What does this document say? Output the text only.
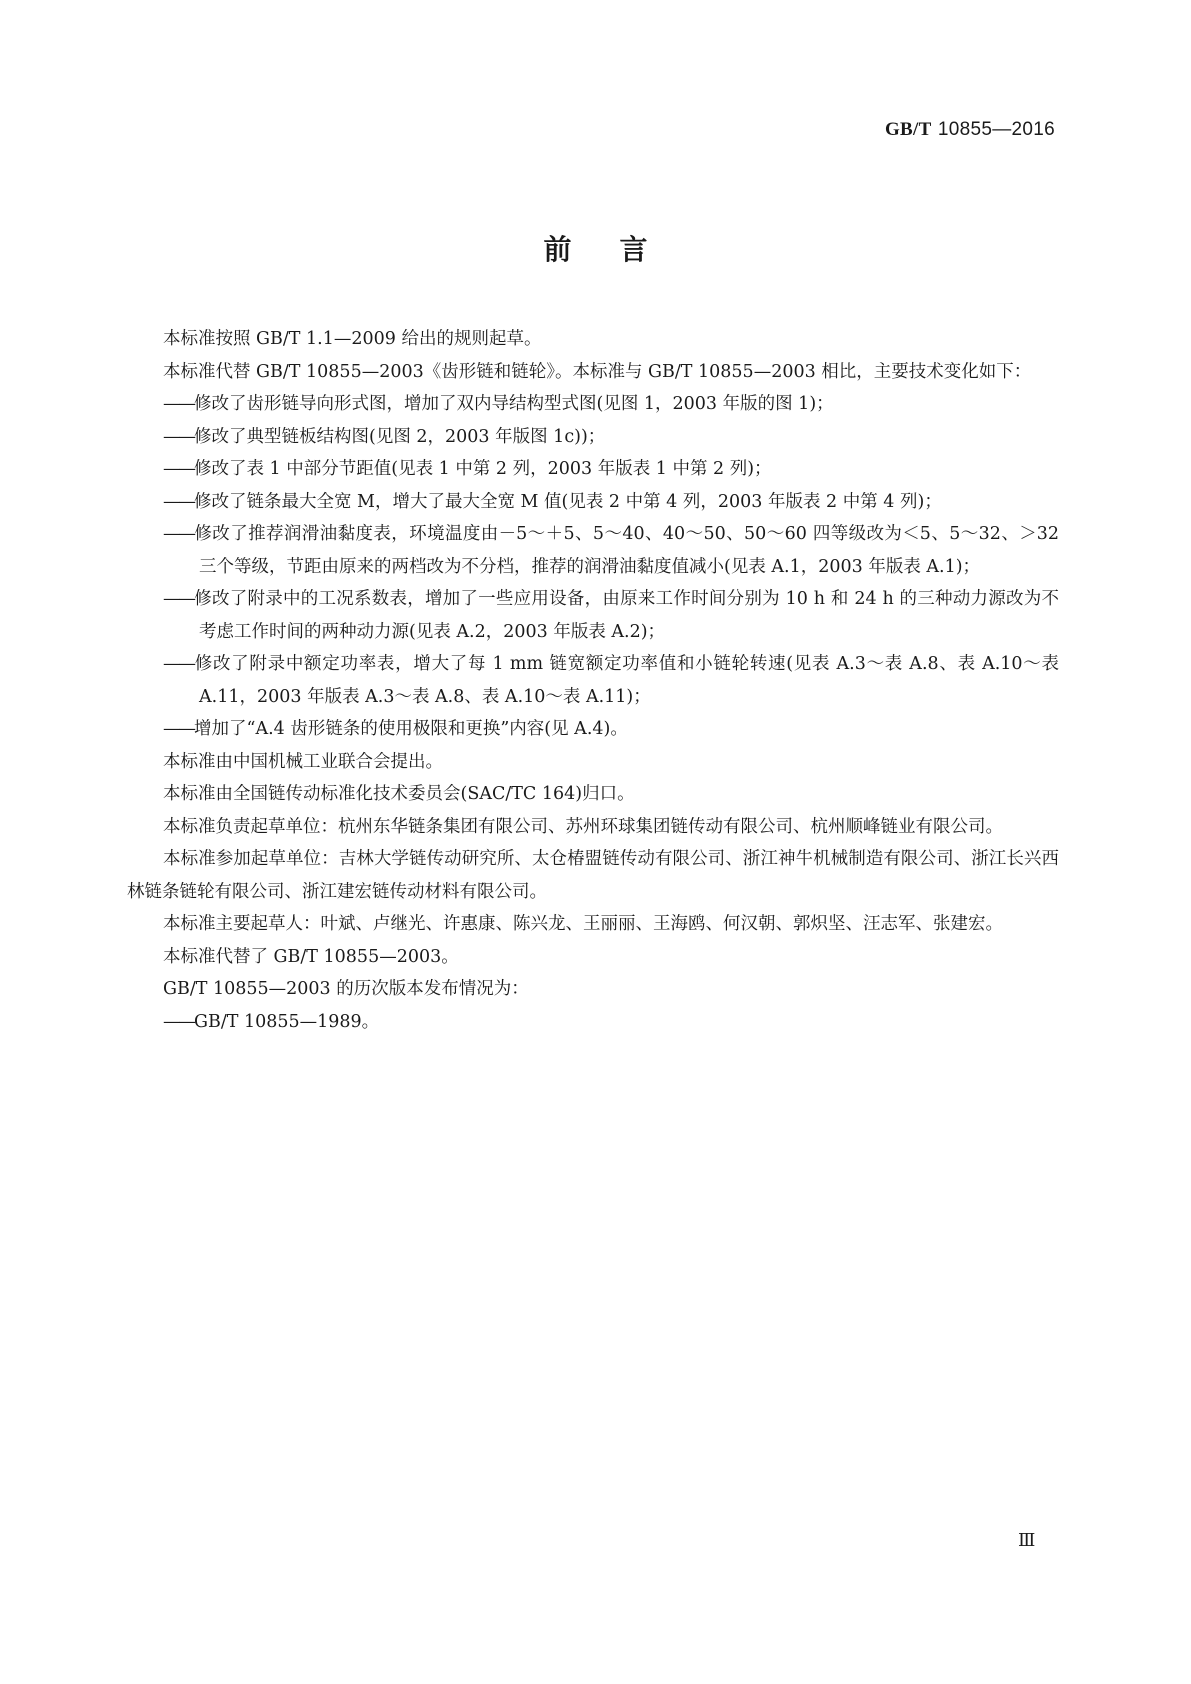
GB/T 10855—2016
前言

本标准按照 GB/T 1.1—2009 给出的规则起草。

本标准代替 GB/T 10855—2003《齿形链和链轮》。本标准与 GB/T 10855—2003 相比，主要技术变化如下：

——修改了齿形链导向形式图，增加了双内导结构型式图(见图 1，2003 年版的图 1)；

——修改了典型链板结构图(见图 2，2003 年版图 1c))；

——修改了表 1 中部分节距值(见表 1 中第 2 列，2003 年版表 1 中第 2 列)；

——修改了链条最大全宽 M，增大了最大全宽 M 值(见表 2 中第 4 列，2003 年版表 2 中第 4 列)；

——修改了推荐润滑油黏度表，环境温度由－5～＋5、5～40、40～50、50～60 四等级改为＜5、5～32、＞32 三个等级，节距由原来的两档改为不分档，推荐的润滑油黏度值减小(见表 A.1，2003 年版表 A.1)；

——修改了附录中的工况系数表，增加了一些应用设备，由原来工作时间分别为 10 h 和 24 h 的三种动力源改为不考虑工作时间的两种动力源(见表 A.2，2003 年版表 A.2)；

——修改了附录中额定功率表，增大了每 1 mm 链宽额定功率值和小链轮转速(见表 A.3～表 A.8、表 A.10～表 A.11，2003 年版表 A.3～表 A.8、表 A.10～表 A.11)；

——增加了“A.4 齿形链条的使用极限和更换”内容(见 A.4)。

本标准由中国机械工业联合会提出。

本标准由全国链传动标准化技术委员会(SAC/TC 164)归口。

本标准负责起草单位：杭州东华链条集团有限公司、苏州环球集团链传动有限公司、杭州顺峰链业有限公司。

本标准参加起草单位：吉林大学链传动研究所、太仓椿盟链传动有限公司、浙江神牛机械制造有限公司、浙江长兴西林链条链轮有限公司、浙江建宏链传动材料有限公司。

本标准主要起草人：叶斌、卢继光、许惠康、陈兴龙、王丽丽、王海鸥、何汉朝、郭炽坚、汪志军、张建宏。

本标准代替了 GB/T 10855—2003。

GB/T 10855—2003 的历次版本发布情况为：

——GB/T 10855—1989。

Ⅲ
